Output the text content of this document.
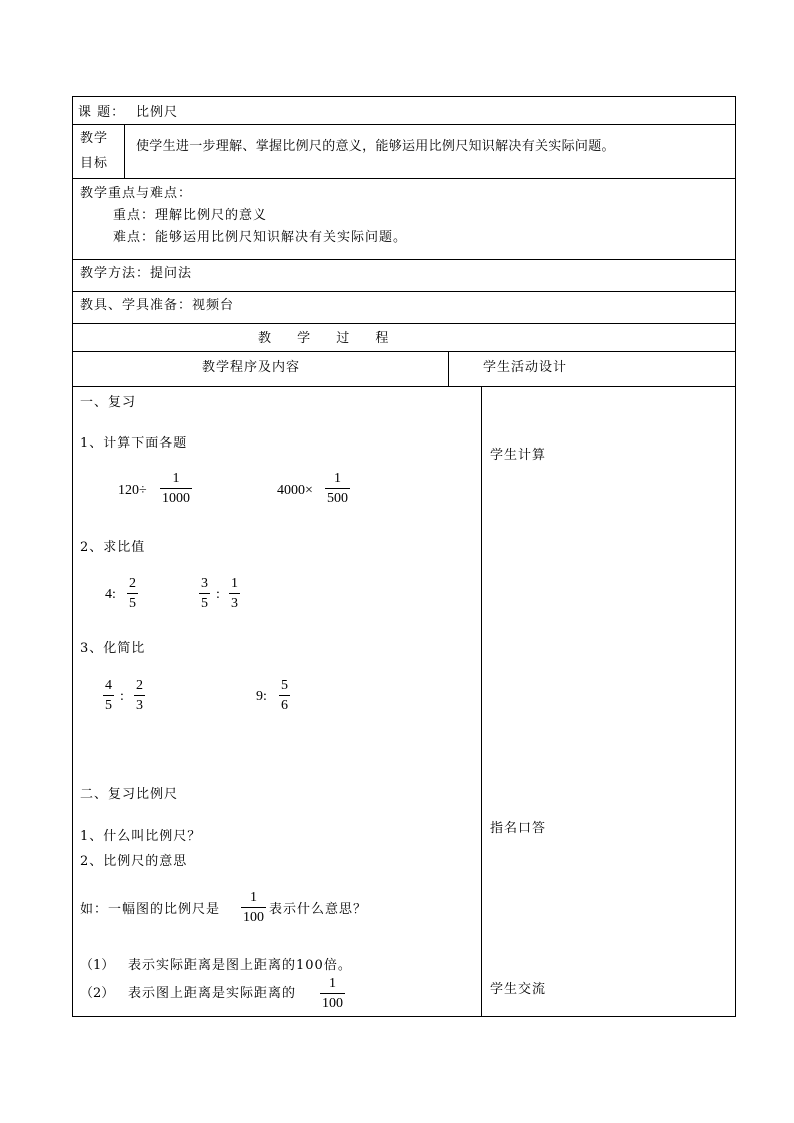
课 题： 比例尺
教学
目标
使学生进一步理解、掌握比例尺的意义，能够运用比例尺知识解决有关实际问题。
教学重点与难点：
重点：理解比例尺的意义
难点：能够运用比例尺知识解决有关实际问题。
教学方法：提问法
教具、学具准备：视频台
教 学 过 程
教学程序及内容	学生活动设计
一、复习
1、计算下面各题
120÷
1
1000
4000×
1
500
2、求比值
4:
2
5
3
5
:
1
3
3、化简比
4
5
:
2
3
9:
5
6
二、复习比例尺
1、什么叫比例尺？
2、比例尺的意思
如：一幅图的比例尺是
1
100
表示什么意思？
（1） 表示实际距离是图上距离的100倍。
（2） 表示图上距离是实际距离的
1
100
学生计算
指名口答
学生交流
